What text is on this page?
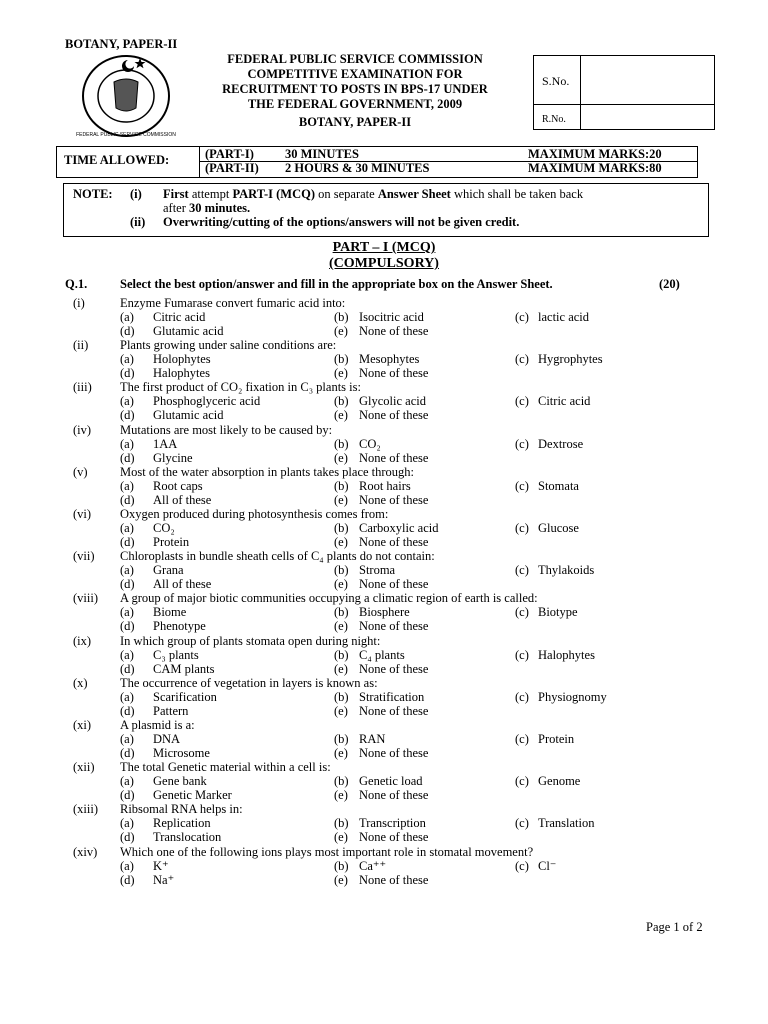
BOTANY, PAPER-II
FEDERAL PUBLIC SERVICE COMMISSION
FEDERAL PUBLIC SERVICE COMMISSION
COMPETITIVE EXAMINATION FOR
RECRUITMENT TO POSTS IN BPS-17 UNDER
THE FEDERAL GOVERNMENT, 2009
BOTANY, PAPER-II
S.No.
R.No.
TIME ALLOWED:	(PART-I) 30 MINUTES	MAXIMUM MARKS:20
(PART-II) 2 HOURS & 30 MINUTES	MAXIMUM MARKS:80
NOTE: (i) First attempt PART-I (MCQ) on separate Answer Sheet which shall be taken back
after 30 minutes.
(ii) Overwriting/cutting of the options/answers will not be given credit.
PART – I (MCQ)
(COMPULSORY)
Q.1.	Select the best option/answer and fill in the appropriate box on the Answer Sheet.	(20)
(i)	Enzyme Fumarase convert fumaric acid into:
(a) Citric acid	(b) Isocitric acid	(c) lactic acid
(d) Glutamic acid	(e) None of these
(ii)	Plants growing under saline conditions are:
(a) Holophytes	(b) Mesophytes	(c) Hygrophytes
(d) Halophytes	(e) None of these
(iii) The first product of CO₂ fixation in C₃ plants is:
(a) Phosphoglyceric acid	(b) Glycolic acid	(c) Citric acid
(d) Glutamic acid	(e) None of these
(iv) Mutations are most likely to be caused by:
(a) 1AA	(b) CO₂	(c) Dextrose
(d) Glycine	(e) None of these
(v)	Most of the water absorption in plants takes place through:
(a) Root caps	(b) Root hairs	(c) Stomata
(d) All of these	(e) None of these
(vi) Oxygen produced during photosynthesis comes from:
(a) CO₂	(b) Carboxylic acid	(c) Glucose
(d) Protein	(e) None of these
(vii) Chloroplasts in bundle sheath cells of C₄ plants do not contain:
(a) Grana	(b) Stroma	(c) Thylakoids
(d) All of these	(e) None of these
(viii) A group of major biotic communities occupying a climatic region of earth is called:
(a) Biome	(b) Biosphere	(c) Biotype
(d) Phenotype	(e) None of these
(ix) In which group of plants stomata open during night:
(a) C₃ plants	(b) C₄ plants	(c) Halophytes
(d) CAM plants	(e) None of these
(x)	The occurrence of vegetation in layers is known as:
(a) Scarification	(b) Stratification	(c) Physiognomy
(d) Pattern	(e) None of these
(xi) A plasmid is a:
(a) DNA	(b) RAN	(c) Protein
(d) Microsome	(e) None of these
(xii) The total Genetic material within a cell is:
(a) Gene bank	(b) Genetic load	(c) Genome
(d) Genetic Marker	(e) None of these
(xiii) Ribsomal RNA helps in:
(a) Replication	(b) Transcription	(c) Translation
(d) Translocation	(e) None of these
(xiv) Which one of the following ions plays most important role in stomatal movement?
(a) K⁺	(b) Ca⁺⁺	(c) Cl⁻
(d) Na⁺	(e) None of these
Page 1 of 2
